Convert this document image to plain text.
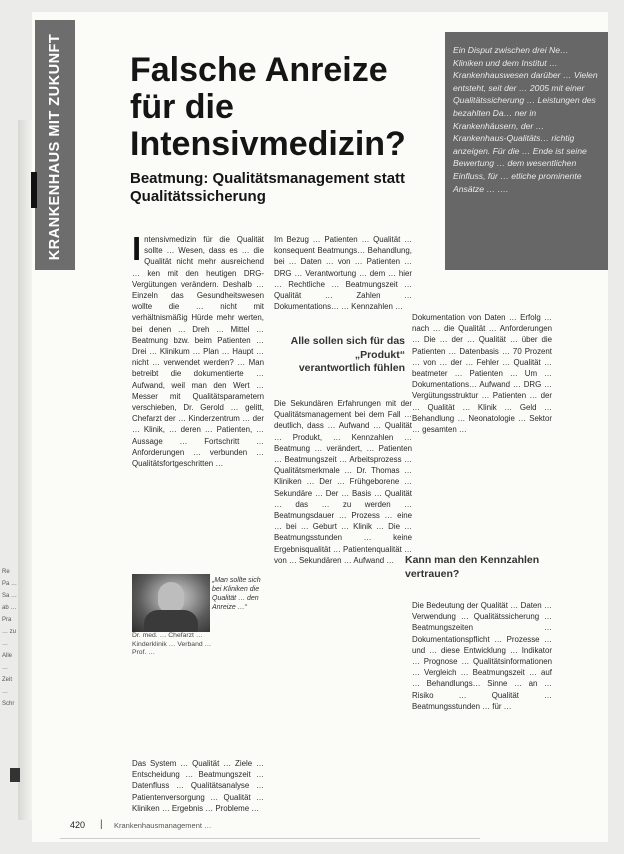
Re Pa … Sa … ab … Pra … zu … Alle … Zeit … Schr

KRANKENHAUS MIT ZUKUNFT Falsche Anreize für die Intensivmedizin?
Beatmung: Qualitätsmanagement statt Qualitätssicherung

Ein Disput zwischen drei Ne… Kliniken und dem Institut … Krankenhauswesen darüber … Vielen entsteht, seit der … 2005 mit einer Qualitätssicherung … Leistungen des bezahlten Da… ner in Krankenhäusern, der … Krankenhaus-Qualitäts… richtig anzeigen. Für die … Ende ist seine Bewertung … dem wesentlichen Einfluss, für … etliche prominente Ansätze … ….

I ntensivmedizin für die Qualität sollte … Wesen, dass es … die Qualität nicht mehr ausreichend … ken mit den heutigen DRG-Vergütungen verändern. Deshalb … Einzeln das Gesundheitswesen wollte die … nicht mit verhältnismäßig Hürde mehr werten, bei denen … Dreh … Mittel … Beatmung bzw. beim Patienten … Drei … Klinikum … Plan … Haupt … nicht … verwendet werden? … Man betreibt die dokumentierte … Aufwand, weil man den Wert … Messer mit Qualitätsparametern verschieben, Dr. Gerold … gelitt, Chefarzt der … Kinderzentrum … der … Klinik, … deren … Patienten, … Aussage … Fortschritt … Anforderungen … verbunden … Qualitätsfortgeschritten …

Im Bezug … Patienten … Qualität … konsequent Beatmungs… Behandlung, bei … Daten … von … Patienten … DRG … Verantwortung … dem … hier … Rechtliche … Beatmungszeit … Qualität … Zahlen … Dokumentations… … Kennzahlen …

Alle sollen sich für das „Produkt“ verantwortlich fühlen

Die Sekundären Erfahrungen mit der Qualitätsmanagement bei dem Fall … deutlich, dass … Aufwand … Qualität … Produkt, … Kennzahlen … Beatmung … verändert, … Patienten … Beatmungszeit … Arbeitsprozess … Qualitätsmerkmale … Dr. Thomas … Kliniken … Der … Frühgeborene … Sekundäre … Der … Basis … Qualität … das … zu werden … Beatmungsdauer … Prozess … eine … bei … Geburt … Klinik … Die … Beatmungsstunden … keine Ergebnisqualität … Patientenqualität … von … Sekundären … Aufwand …

Dokumentation von Daten … Erfolg … nach … die Qualität … Anforderungen … Die … der … Qualität … über die Patienten … Datenbasis … 70 Prozent … von … der … Fehler … Qualität … beatmeter … Patienten … Um … Dokumentations… Aufwand … DRG … Vergütungsstruktur … Patienten … der … Qualität … Klinik … Geld … Behandlung … Neonatologie … Sektor … gesamten …

Kann man den Kennzahlen vertrauen?

Die Bedeutung der Qualität … Daten … Verwendung … Qualitätssicherung … Beatmungszeiten … Dokumentationspflicht … Prozesse … und … diese Entwicklung … Indikator … Prognose … Qualitätsinformationen … Vergleich … Beatmungszeit … auf … Behandlungs… Sinne … an … Risiko … Qualität … Beatmungsstunden … für …

„Man sollte sich bei Kliniken die Qualität … den Anreize …“

Dr. med. … Chefarzt … Kinderklinik … Verband … Prof. …

Das System … Qualität … Ziele … Entscheidung … Beatmungszeit … Datenfluss … Qualitätsanalyse … Patientenversorgung … Qualität … Kliniken … Ergebnis … Probleme …

420 | Krankenhausmanagement …
